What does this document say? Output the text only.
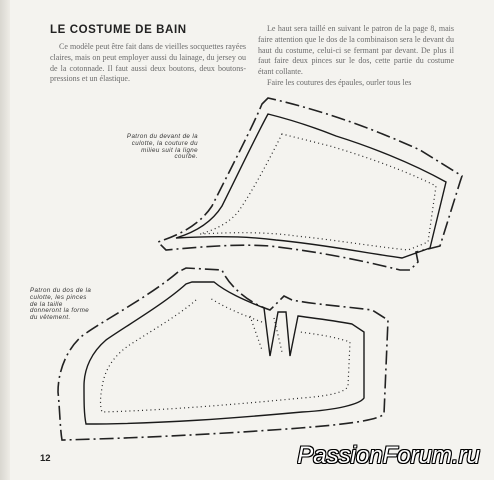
LE COSTUME DE BAIN
Ce modèle peut être fait dans de vieilles socquettes rayées claires, mais on peut employer aussi du lainage, du jersey ou de la cotonnade. Il faut aussi deux boutons, deux boutons-pressions et un élastique.

Le haut sera taillé en suivant le patron de la page 8, mais faire attention que le dos de la combinaison sera le devant du haut du costume, celui-ci se fermant par devant. De plus il faut faire deux pinces sur le dos, cette partie du costume étant collante.

Faire les coutures des épaules, ourler tous les

Patron du devant de la culotte, la couture du milieu suit la ligne courbe.
Patron du dos de la culotte, les pinces de la taille donneront la forme du vêtement.
12	PassionForum.ru
